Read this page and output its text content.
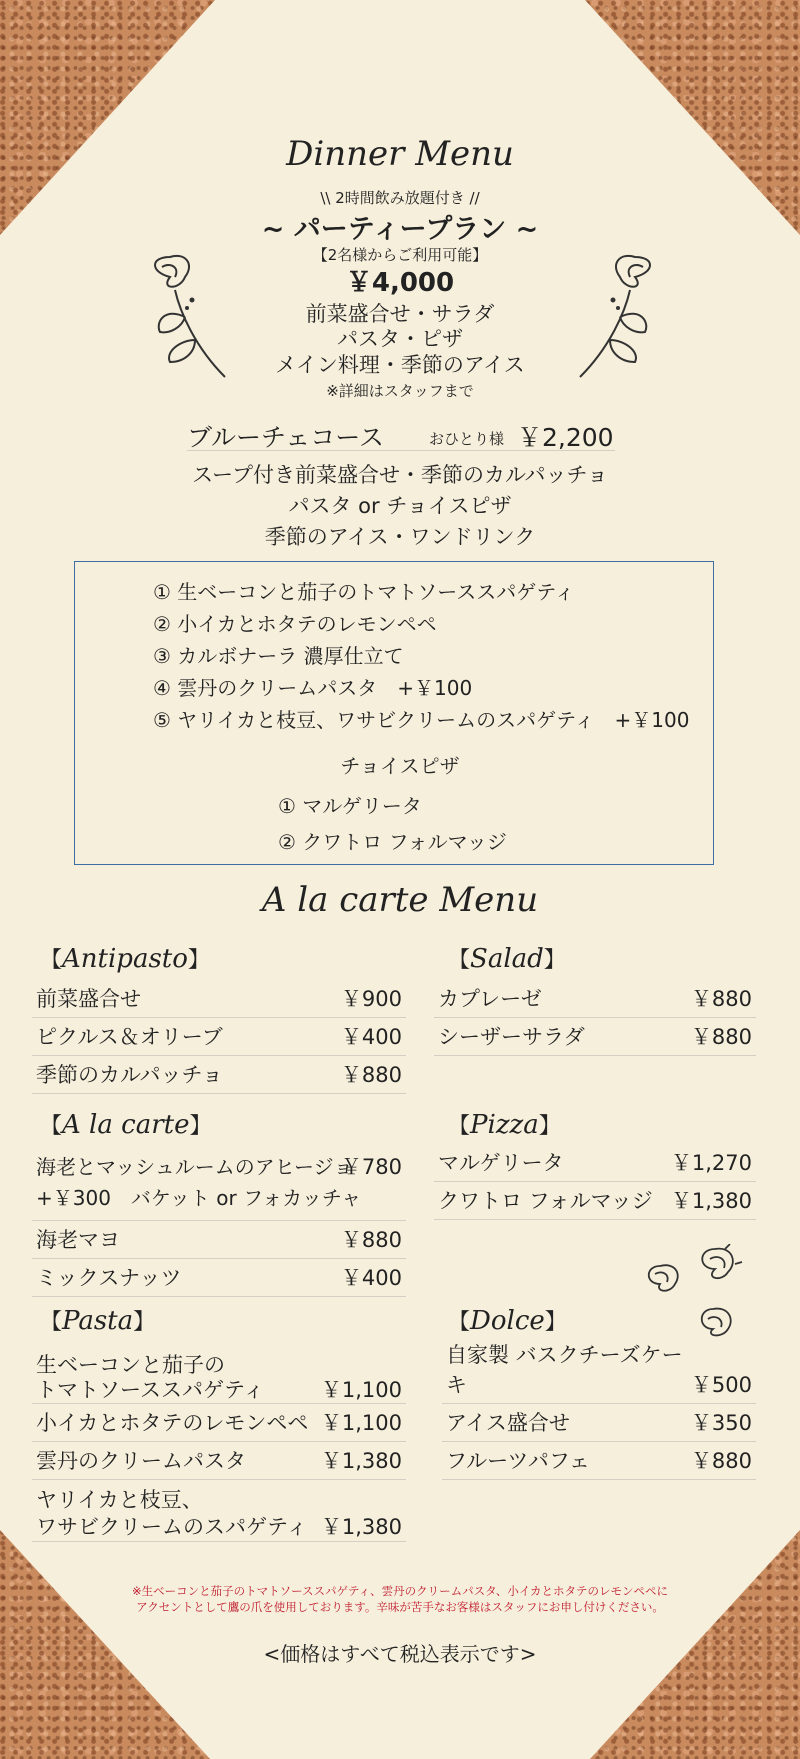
Dinner Menu
\\ 2時間飲み放題付き //
~ パーティープラン ~
【2名様からご利用可能】
￥4,000
前菜盛合せ・サラダ
パスタ・ピザ
メイン料理・季節のアイス
※詳細はスタッフまで
ブルーチェコース	おひとり様 ￥2,200
スープ付き前菜盛合せ・季節のカルパッチョ
パスタ or チョイスピザ
季節のアイス・ワンドリンク
① 生ベーコンと茄子のトマトソーススパゲティ
② 小イカとホタテのレモンペペ
③ カルボナーラ 濃厚仕立て
④ 雲丹のクリームパスタ　+￥100
⑤ ヤリイカと枝豆、ワサビクリームのスパゲティ　+￥100
チョイスピザ
① マルゲリータ
② クワトロ フォルマッジ
A la carte Menu
【Antipasto】
前菜盛合せ	￥900
ピクルス＆オリーブ	￥400
季節のカルパッチョ	￥880
【Salad】
カプレーゼ	￥880
シーザーサラダ	￥880
【A la carte】
海老とマッシュルームのアヒージョ
￥780
+￥300　バケット or フォカッチャ
海老マヨ	￥880
ミックスナッツ	￥400
【Pizza】
マルゲリータ	￥1,270
クワトロ フォルマッジ ￥1,380
【Pasta】
生ベーコンと茄子の
トマトソーススパゲティ	￥1,100
小イカとホタテのレモンペペ ￥1,100
雲丹のクリームパスタ	￥1,380
ヤリイカと枝豆、
ワサビクリームのスパゲティ ￥1,380
【Dolce】
自家製 バスクチーズケーキ	￥500
アイス盛合せ	￥350
フルーツパフェ	￥880
※生ベーコンと茄子のトマトソーススパゲティ、雲丹のクリームパスタ、小イカとホタテのレモンペペに
アクセントとして鷹の爪を使用しております。辛味が苦手なお客様はスタッフにお申し付けください。
<価格はすべて税込表示です>
